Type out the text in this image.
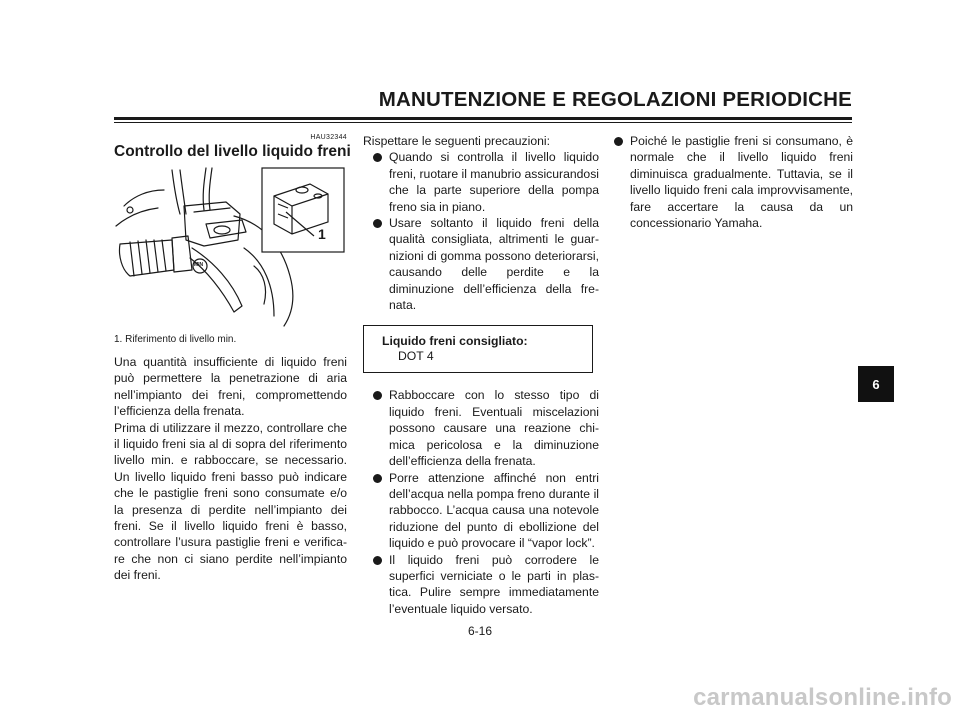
MANUTENZIONE E REGOLAZIONI PERIODICHE
HAU32344
Controllo del livello liquido freni
MIN
1
1. Riferimento di livello min.

Una quantità insufficiente di liquido freni può permettere la penetrazione di aria nell’impianto dei freni, compromettendo l’efficienza della frenata.

Prima di utilizzare il mezzo, controllare che il liquido freni sia al di sopra del riferimento livello min. e rabboccare, se necessario. Un livello liquido freni basso può indicare che le pastiglie freni sono consumate e/o la presenza di perdite nell’impianto dei freni. Se il livello liquido freni è basso, controllare l’usura pastiglie freni e verificare che non ci siano perdite nell’impianto dei freni.

Rispettare le seguenti precauzioni:

Quando si controlla il livello liquido freni, ruotare il manubrio assicurandosi che la parte superiore della pompa freno sia in piano.
Usare soltanto il liquido freni della qualità consigliata, altrimenti le guarnizioni di gomma possono deteriorarsi, causando delle perdite e la diminuzione dell’efficienza della frenata.
Liquido freni consigliato:
DOT 4
Rabboccare con lo stesso tipo di liquido freni. Eventuali miscelazioni possono causare una reazione chimica pericolosa e la diminuzione dell’efficienza della frenata.
Porre attenzione affinché non entri dell’acqua nella pompa freno durante il rabbocco. L’acqua causa una notevole riduzione del punto di ebollizione del liquido e può provocare il “vapor lock”.
Il liquido freni può corrodere le superfici verniciate o le parti in plastica. Pulire sempre immediatamente l’eventuale liquido versato.
Poiché le pastiglie freni si consumano, è normale che il livello liquido freni diminuisca gradualmente. Tuttavia, se il livello liquido freni cala improvvisamente, fare accertare la causa da un concessionario Yamaha.
6-16
6
carmanualsonline.info
